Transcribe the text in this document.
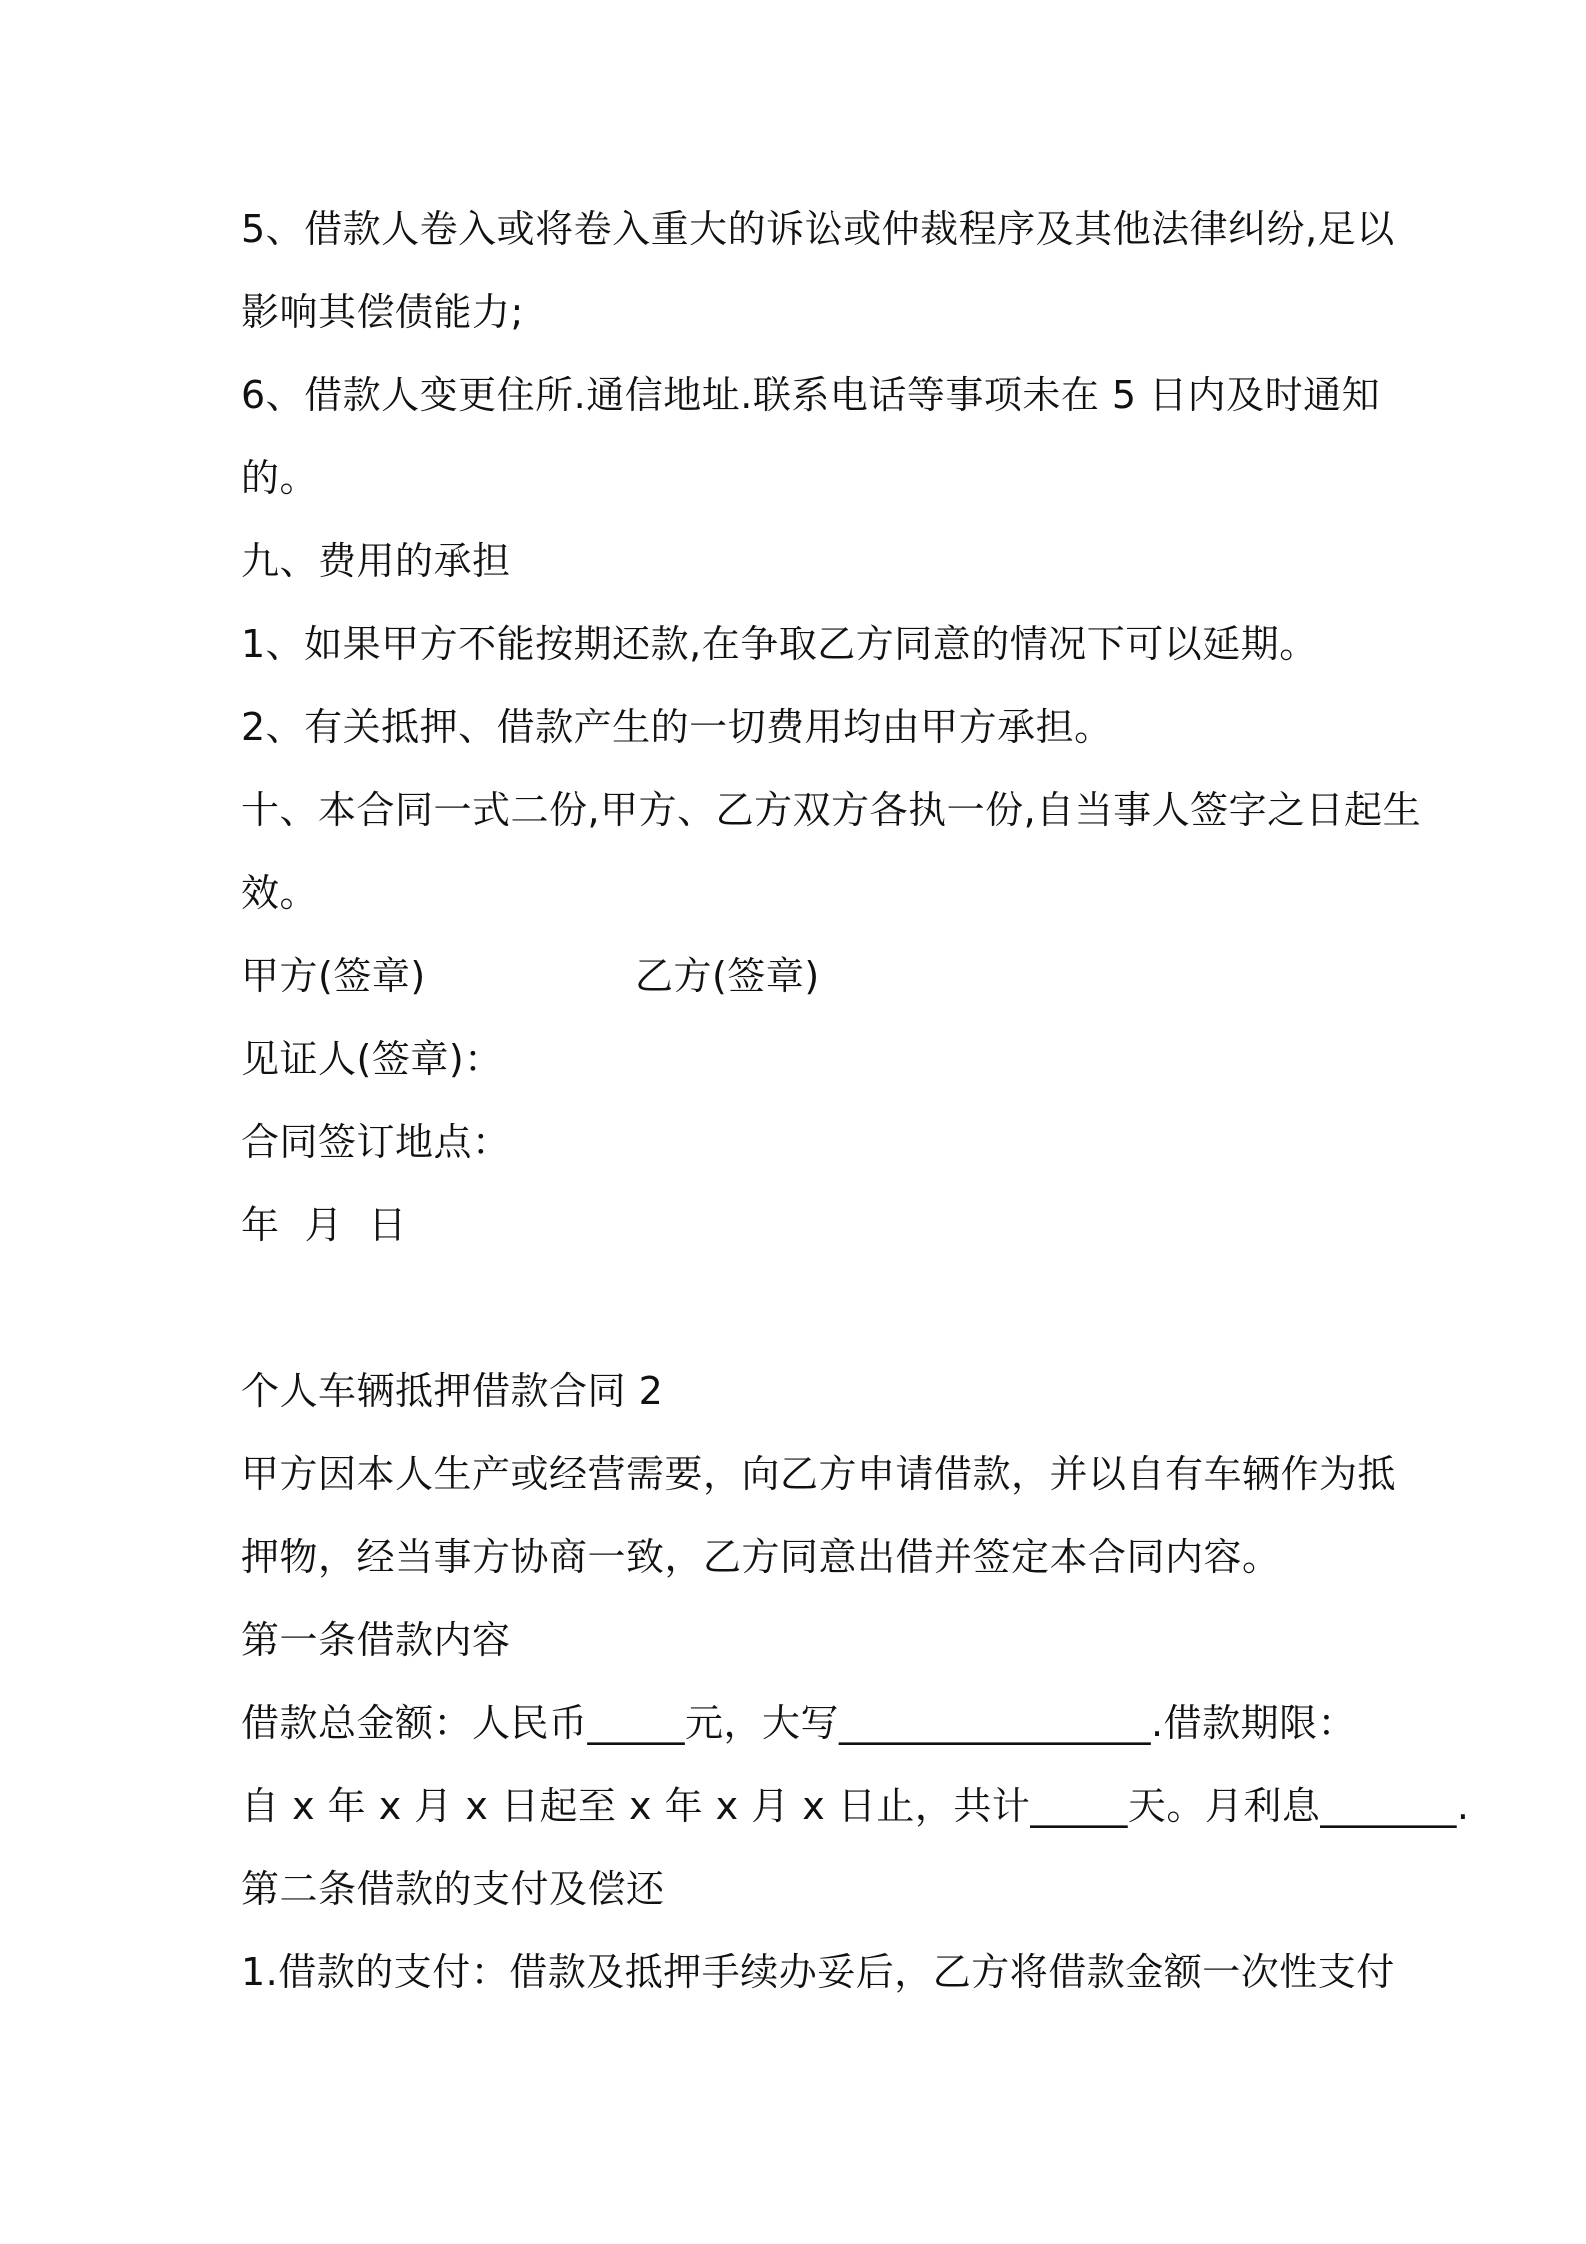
5、借款人卷入或将卷入重大的诉讼或仲裁程序及其他法律纠纷,足以
影响其偿债能力;
6、借款人变更住所.通信地址.联系电话等事项未在 5 日内及时通知
的。
九、费用的承担
1、如果甲方不能按期还款,在争取乙方同意的情况下可以延期。
2、有关抵押、借款产生的一切费用均由甲方承担。
十、本合同一式二份,甲方、乙方双方各执一份,自当事人签字之日起生
效。
甲方(签章)	乙方(签章)
见证人(签章)：
合同签订地点：
年  月  日
个人车辆抵押借款合同 2
甲方因本人生产或经营需要，向乙方申请借款，并以自有车辆作为抵
押物，经当事方协商一致，乙方同意出借并签定本合同内容。
第一条借款内容
借款总金额：人民币_____元，大写________________.借款期限：
自 x 年 x 月 x 日起至 x 年 x 月 x 日止，共计_____天。月利息_______.
第二条借款的支付及偿还
1.借款的支付：借款及抵押手续办妥后，乙方将借款金额一次性支付
